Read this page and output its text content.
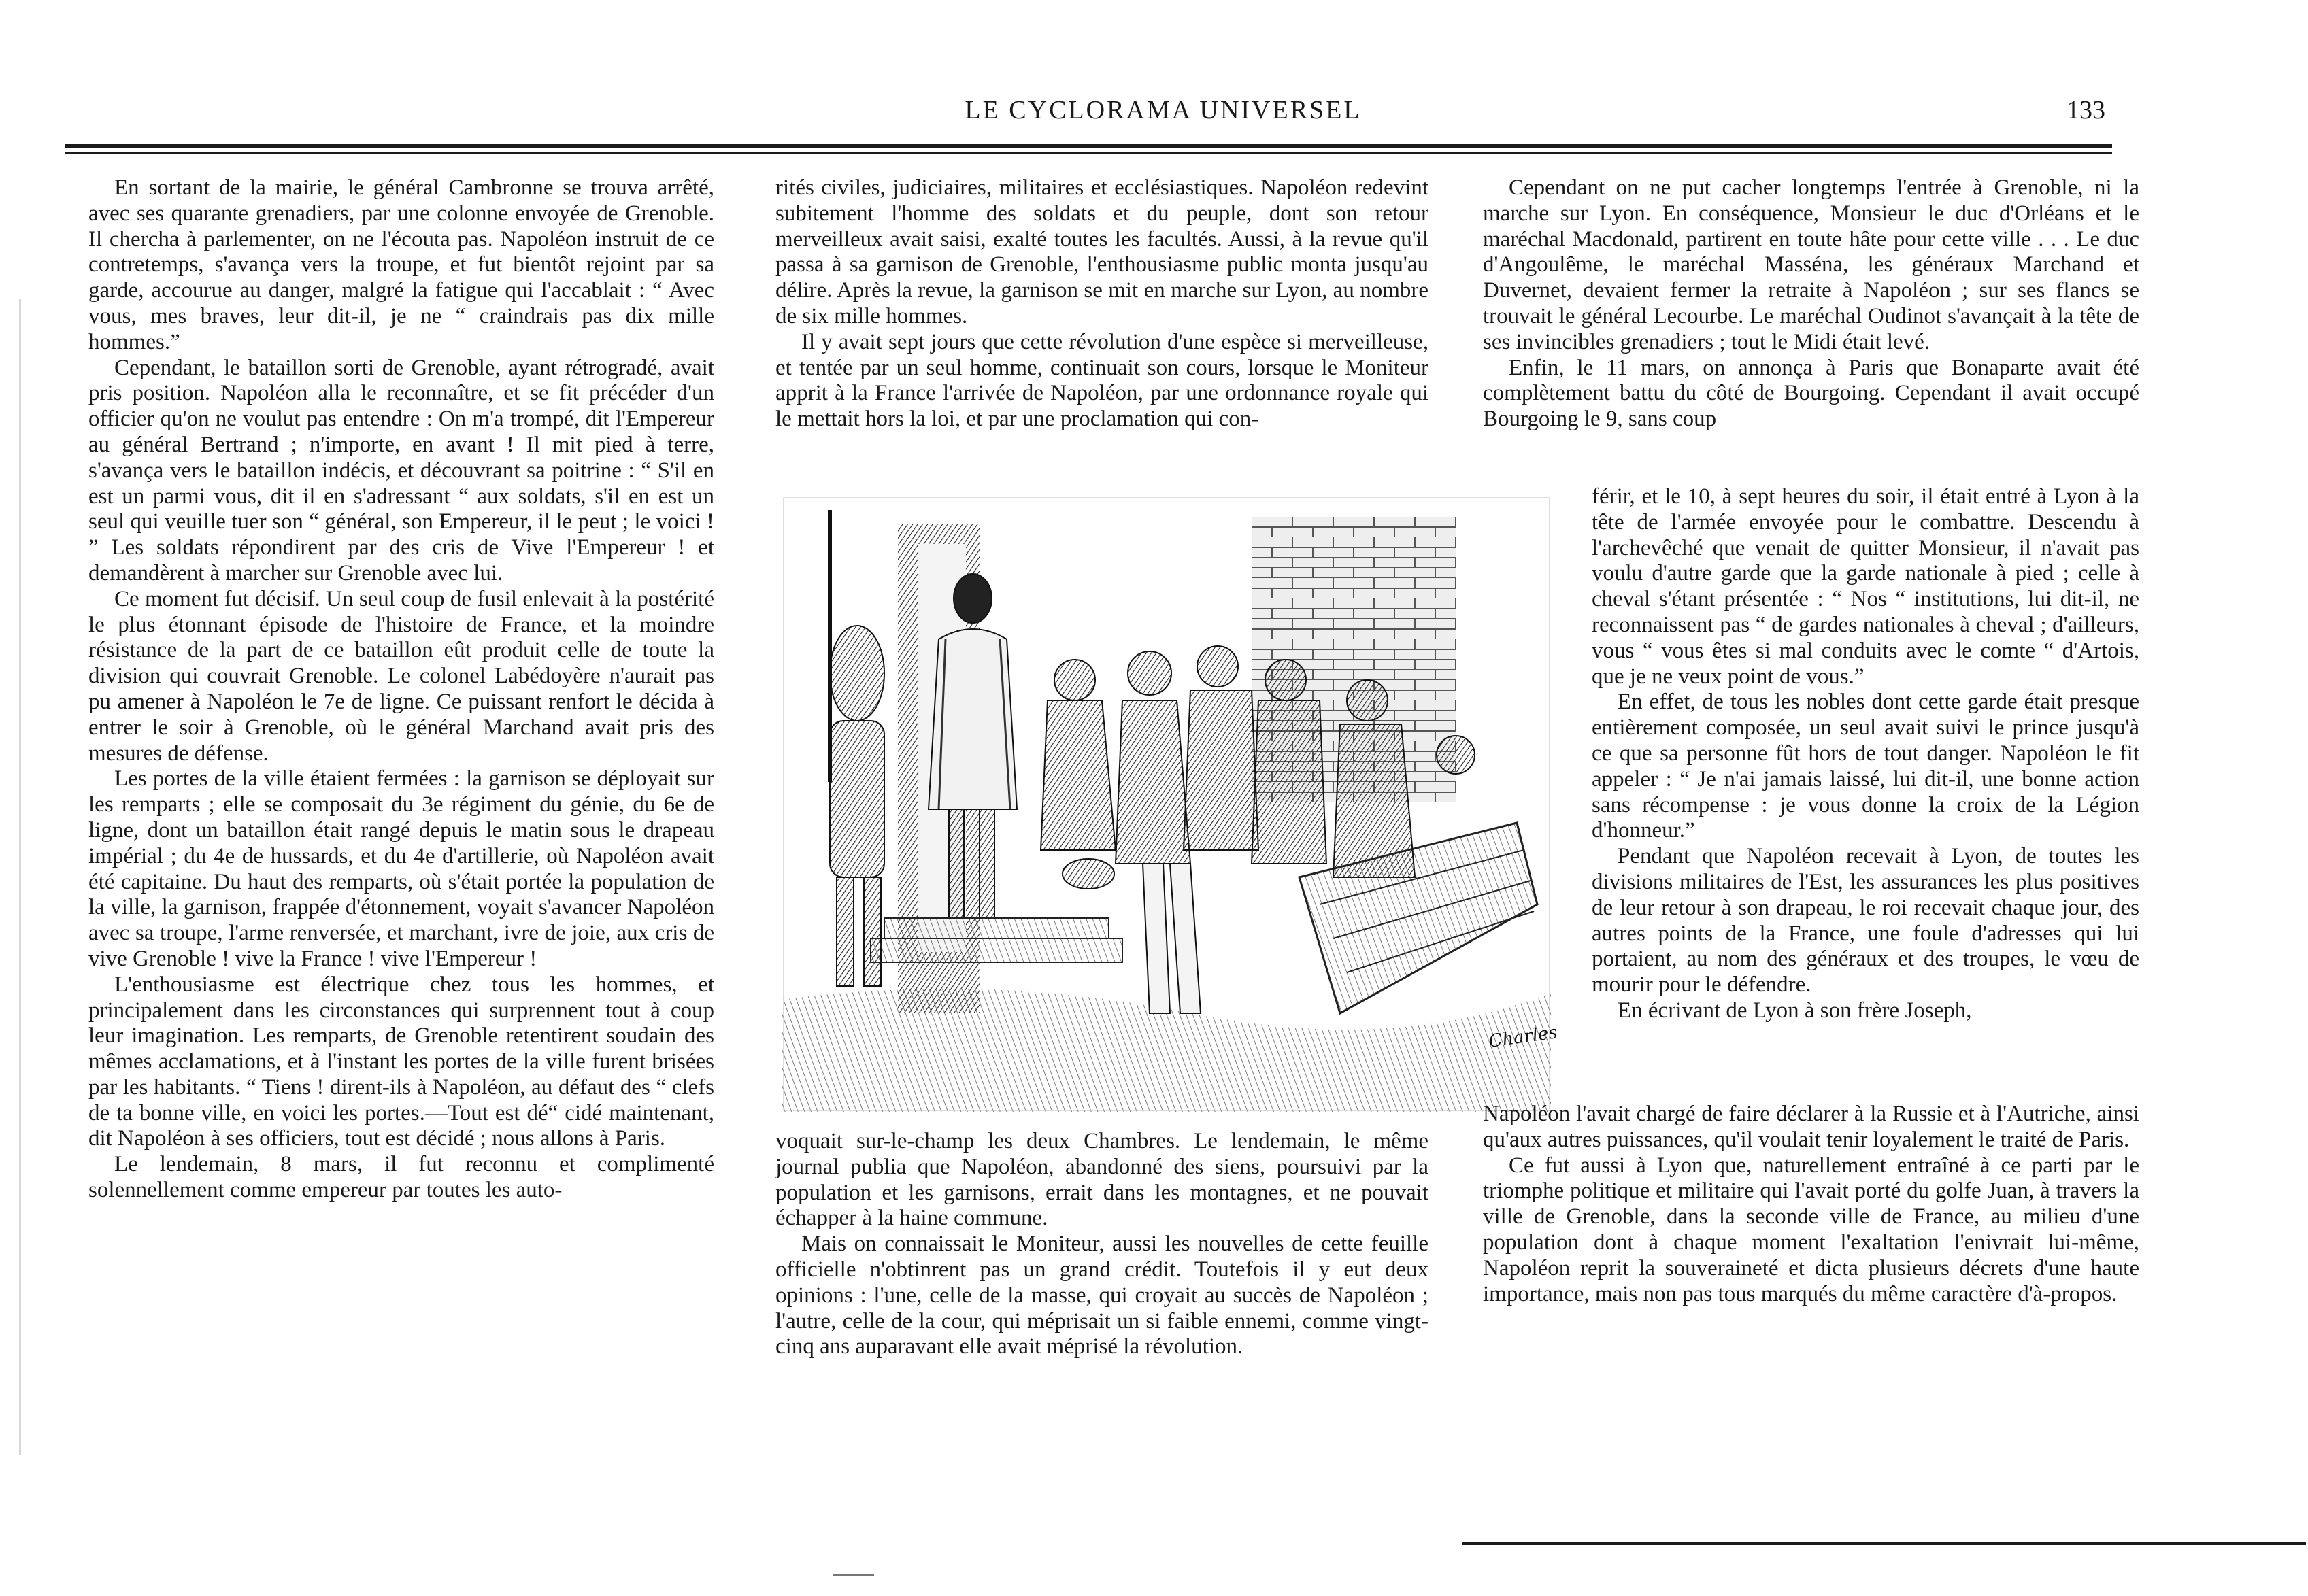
LE CYCLORAMA UNIVERSEL	133

En sortant de la mairie, le général Cambronne se trouva arrêté, avec ses quarante grenadiers, par une colonne envoyée de Grenoble. Il chercha à parlementer, on ne l'écouta pas. Napoléon instruit de ce contretemps, s'avança vers la troupe, et fut bientôt rejoint par sa garde, accourue au danger, malgré la fatigue qui l'accablait : “ Avec vous, mes braves, leur dit-il, je ne “ craindrais pas dix mille hommes.”

Cependant, le bataillon sorti de Grenoble, ayant rétrogradé, avait pris position. Napoléon alla le reconnaître, et se fit précéder d'un officier qu'on ne voulut pas entendre : On m'a trompé, dit l'Empereur au général Bertrand ; n'importe, en avant ! Il mit pied à terre, s'avança vers le bataillon indécis, et découvrant sa poitrine : “ S'il en est un parmi vous, dit il en s'adressant “ aux soldats, s'il en est un seul qui veuille tuer son “ général, son Empereur, il le peut ; le voici ! ” Les soldats répondirent par des cris de Vive l'Empereur ! et demandèrent à marcher sur Grenoble avec lui.

Ce moment fut décisif. Un seul coup de fusil enlevait à la postérité le plus étonnant épisode de l'histoire de France, et la moindre résistance de la part de ce bataillon eût produit celle de toute la division qui couvrait Grenoble. Le colonel Labédoyère n'aurait pas pu amener à Napoléon le 7e de ligne. Ce puissant renfort le décida à entrer le soir à Grenoble, où le général Marchand avait pris des mesures de défense.

Les portes de la ville étaient fermées : la garnison se déployait sur les remparts ; elle se composait du 3e régiment du génie, du 6e de ligne, dont un bataillon était rangé depuis le matin sous le drapeau impérial ; du 4e de hussards, et du 4e d'artillerie, où Napoléon avait été capitaine. Du haut des remparts, où s'était portée la population de la ville, la garnison, frappée d'étonnement, voyait s'avancer Napoléon avec sa troupe, l'arme renversée, et marchant, ivre de joie, aux cris de vive Grenoble ! vive la France ! vive l'Empereur !

L'enthousiasme est électrique chez tous les hommes, et principalement dans les circonstances qui surprennent tout à coup leur imagination. Les remparts, de Grenoble retentirent soudain des mêmes acclamations, et à l'instant les portes de la ville furent brisées par les habitants. “ Tiens ! dirent-ils à Napoléon, au défaut des “ clefs de ta bonne ville, en voici les portes.—Tout est dé“ cidé maintenant, dit Napoléon à ses officiers, tout est décidé ; nous allons à Paris.

Le lendemain, 8 mars, il fut reconnu et complimenté solennellement comme empereur par toutes les auto-

rités civiles, judiciaires, militaires et ecclésiastiques. Napoléon redevint subitement l'homme des soldats et du peuple, dont son retour merveilleux avait saisi, exalté toutes les facultés. Aussi, à la revue qu'il passa à sa garnison de Grenoble, l'enthousiasme public monta jusqu'au délire. Après la revue, la garnison se mit en marche sur Lyon, au nombre de six mille hommes.

Il y avait sept jours que cette révolution d'une espèce si merveilleuse, et tentée par un seul homme, continuait son cours, lorsque le Moniteur apprit à la France l'arrivée de Napoléon, par une ordonnance royale qui le mettait hors la loi, et par une proclamation qui con-

Charles

voquait sur-le-champ les deux Chambres. Le lendemain, le même journal publia que Napoléon, abandonné des siens, poursuivi par la population et les garnisons, errait dans les montagnes, et ne pouvait échapper à la haine commune.

Mais on connaissait le Moniteur, aussi les nouvelles de cette feuille officielle n'obtinrent pas un grand crédit. Toutefois il y eut deux opinions : l'une, celle de la masse, qui croyait au succès de Napoléon ; l'autre, celle de la cour, qui méprisait un si faible ennemi, comme vingt-cinq ans auparavant elle avait méprisé la révolution.

Cependant on ne put cacher longtemps l'entrée à Grenoble, ni la marche sur Lyon. En conséquence, Monsieur le duc d'Orléans et le maréchal Macdonald, partirent en toute hâte pour cette ville . . . Le duc d'Angoulême, le maréchal Masséna, les généraux Marchand et Duvernet, devaient fermer la retraite à Napoléon ; sur ses flancs se trouvait le général Lecourbe. Le maréchal Oudinot s'avançait à la tête de ses invincibles grenadiers ; tout le Midi était levé.

Enfin, le 11 mars, on annonça à Paris que Bonaparte avait été complètement battu du côté de Bourgoing. Cependant il avait occupé Bourgoing le 9, sans coup

férir, et le 10, à sept heures du soir, il était entré à Lyon à la tête de l'armée envoyée pour le combattre. Descendu à l'archevêché que venait de quitter Monsieur, il n'avait pas voulu d'autre garde que la garde nationale à pied ; celle à cheval s'étant présentée : “ Nos “ institutions, lui dit-il, ne reconnaissent pas “ de gardes nationales à cheval ; d'ailleurs, vous “ vous êtes si mal conduits avec le comte “ d'Artois, que je ne veux point de vous.”

En effet, de tous les nobles dont cette garde était presque entièrement composée, un seul avait suivi le prince jusqu'à ce que sa personne fût hors de tout danger. Napoléon le fit appeler : “ Je n'ai jamais laissé, lui dit-il, une bonne action sans récompense : je vous donne la croix de la Légion d'honneur.”

Pendant que Napoléon recevait à Lyon, de toutes les divisions militaires de l'Est, les assurances les plus positives de leur retour à son drapeau, le roi recevait chaque jour, des autres points de la France, une foule d'adresses qui lui portaient, au nom des généraux et des troupes, le vœu de mourir pour le défendre.

En écrivant de Lyon à son frère Joseph,

Napoléon l'avait chargé de faire déclarer à la Russie et à l'Autriche, ainsi qu'aux autres puissances, qu'il voulait tenir loyalement le traité de Paris.

Ce fut aussi à Lyon que, naturellement entraîné à ce parti par le triomphe politique et militaire qui l'avait porté du golfe Juan, à travers la ville de Grenoble, dans la seconde ville de France, au milieu d'une population dont à chaque moment l'exaltation l'enivrait lui-même, Napoléon reprit la souveraineté et dicta plusieurs décrets d'une haute importance, mais non pas tous marqués du même caractère d'à-propos.
